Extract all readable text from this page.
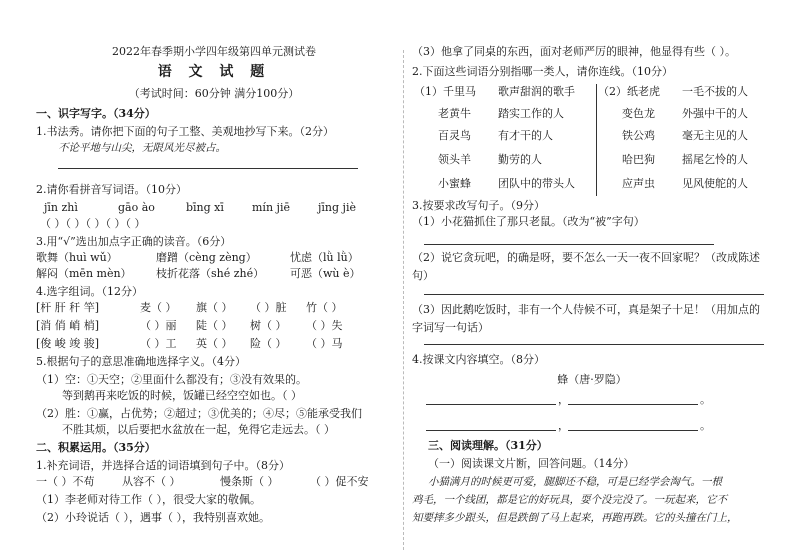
2022年春季期小学四年级第四单元测试卷
语 文 试 题
（考试时间：60分钟 满分100分）
一、识字写字。（34分）
1.书法秀。请你把下面的句子工整、美观地抄写下来。（2分）
不论平地与山尖，无限风光尽被占。
2.请你看拼音写词语。（10分）
jīn zhì	gāo ào	bīng xī	mín jiē	jīng jiè
（ ）（ ）（ ）（ ）（ ）
3.用“√”选出加点字正确的读音。（6分）
歌舞（huì wǔ）	磨蹭（cèng zèng）	忧虑（lǜ lǜ）
解闷（mēn mèn） 枝折花落（shé zhé） 可恶（wù è）
4.选字组词。（12分）
[杆 肝 秆 竿]	麦（ ） 旗（ ） （ ）脏 竹（ ）
[消 俏 峭 梢]	（ ）丽 陡（ ） 树（ ） （ ）失
[俊 峻 竣 骏]	（ ）工 英（ ） 险（ ） （ ）马
5.根据句子的意思准确地选择字义。（4分）
（1）空：①天空；②里面什么都没有；③没有效果的。
等到鹅再来吃饭的时候，饭罐已经空空如也。（ ）
（2）胜：①赢，占优势；②超过；③优美的；④尽；⑤能承受我们
不胜其烦，以后要把水盆放在一起，免得它走远去。（ ）
二、积累运用。（35分）
1.补充词语，并选择合适的词语填到句子中。（8分）
一（ ）不苟	从容不（ ）	慢条斯（ ）	（ ）促不安
（1）李老师对待工作（ ），很受大家的敬佩。
（2）小玲说话（ ），遇事（ ），我特别喜欢她。
（3）他拿了同桌的东西，面对老师严厉的眼神，他显得有些（ ）。
2.下面这些词语分别指哪一类人，请你连线。（10分）
（1）千里马 歌声甜润的歌手
老黄牛 踏实工作的人
百灵鸟 有才干的人
领头羊 勤劳的人
小蜜蜂 团队中的带头人
（2）纸老虎 一毛不拔的人
变色龙 外强中干的人
铁公鸡 毫无主见的人
哈巴狗 摇尾乞怜的人
应声虫 见风使舵的人
3.按要求改写句子。（9分）
（1）小花猫抓住了那只老鼠。（改为“被”字句）
（2）说它贪玩吧，的确是呀，要不怎么一天一夜不回家呢？（改成陈述
句）
（3）因此鹅吃饭时，非有一个人侍候不可，真是架子十足！（用加点的
字词写一句话）
4.按课文内容填空。（8分）
蜂（唐·罗隐）
，	。
，	。
三、阅读理解。（31分）
（一）阅读课文片断，回答问题。（14分）
小猫满月的时候更可爱，腿脚还不稳，可是已经学会淘气。一根
鸡毛，一个线团，都是它的好玩具，耍个没完没了。一玩起来，它不
知要摔多少跟头，但是跌倒了马上起来，再跑再跌。它的头撞在门上，
